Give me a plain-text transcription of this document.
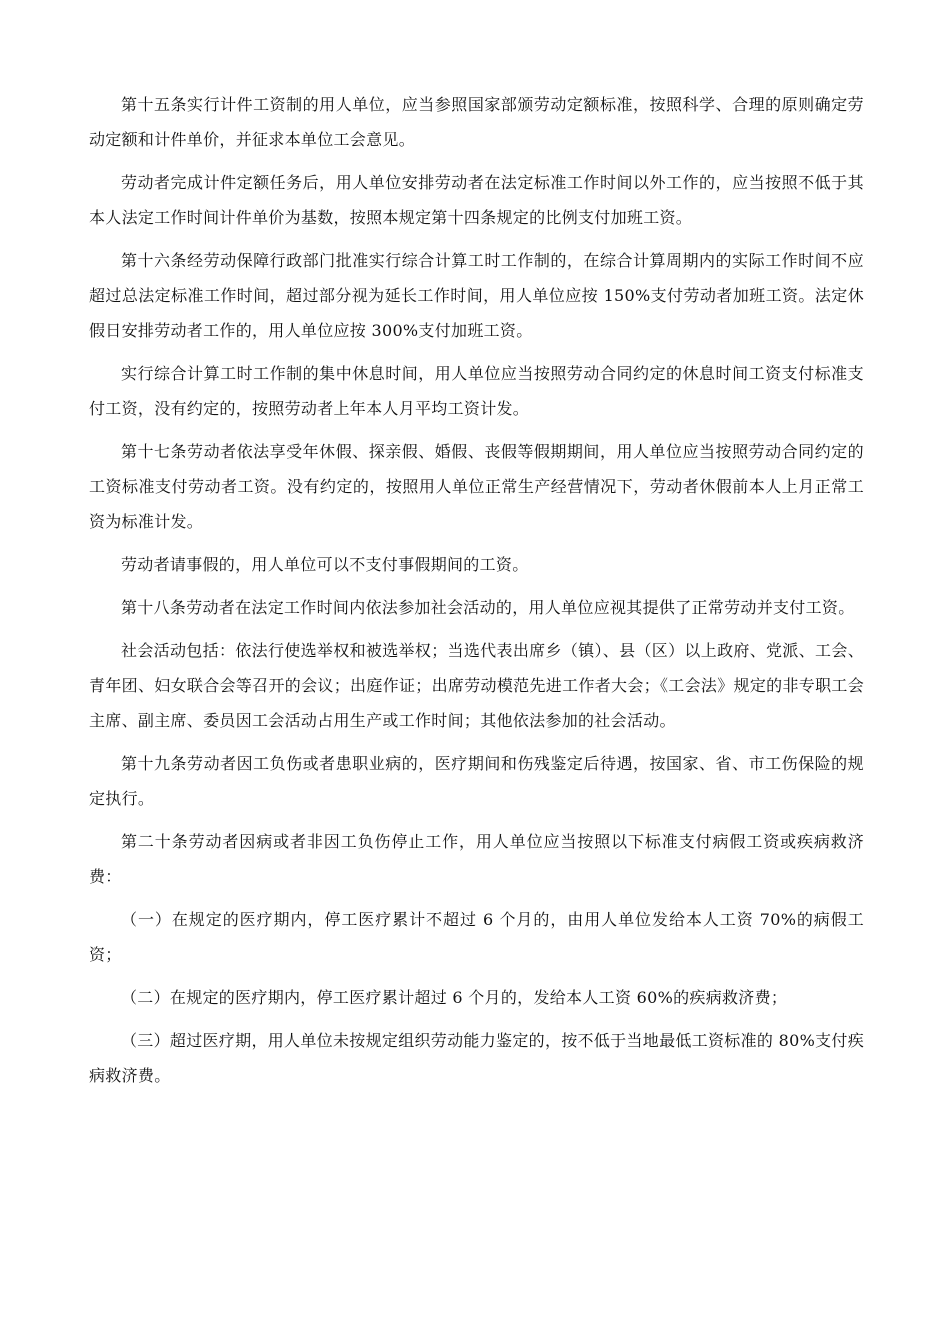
第十五条实行计件工资制的用人单位，应当参照国家部颁劳动定额标准，按照科学、合理的原则确定劳动定额和计件单价，并征求本单位工会意见。

劳动者完成计件定额任务后，用人单位安排劳动者在法定标准工作时间以外工作的，应当按照不低于其本人法定工作时间计件单价为基数，按照本规定第十四条规定的比例支付加班工资。

第十六条经劳动保障行政部门批准实行综合计算工时工作制的，在综合计算周期内的实际工作时间不应超过总法定标准工作时间，超过部分视为延长工作时间，用人单位应按 150%支付劳动者加班工资。法定休假日安排劳动者工作的，用人单位应按 300%支付加班工资。

实行综合计算工时工作制的集中休息时间，用人单位应当按照劳动合同约定的休息时间工资支付标准支付工资，没有约定的，按照劳动者上年本人月平均工资计发。

第十七条劳动者依法享受年休假、探亲假、婚假、丧假等假期期间，用人单位应当按照劳动合同约定的工资标准支付劳动者工资。没有约定的，按照用人单位正常生产经营情况下，劳动者休假前本人上月正常工资为标准计发。

劳动者请事假的，用人单位可以不支付事假期间的工资。

第十八条劳动者在法定工作时间内依法参加社会活动的，用人单位应视其提供了正常劳动并支付工资。

社会活动包括：依法行使选举权和被选举权；当选代表出席乡（镇）、县（区）以上政府、党派、工会、青年团、妇女联合会等召开的会议；出庭作证；出席劳动模范先进工作者大会；《工会法》规定的非专职工会主席、副主席、委员因工会活动占用生产或工作时间；其他依法参加的社会活动。

第十九条劳动者因工负伤或者患职业病的，医疗期间和伤残鉴定后待遇，按国家、省、市工伤保险的规定执行。

第二十条劳动者因病或者非因工负伤停止工作，用人单位应当按照以下标准支付病假工资或疾病救济费：

（一）在规定的医疗期内，停工医疗累计不超过 6 个月的，由用人单位发给本人工资 70%的病假工资；

（二）在规定的医疗期内，停工医疗累计超过 6 个月的，发给本人工资 60%的疾病救济费；

（三）超过医疗期，用人单位未按规定组织劳动能力鉴定的，按不低于当地最低工资标准的 80%支付疾病救济费。
